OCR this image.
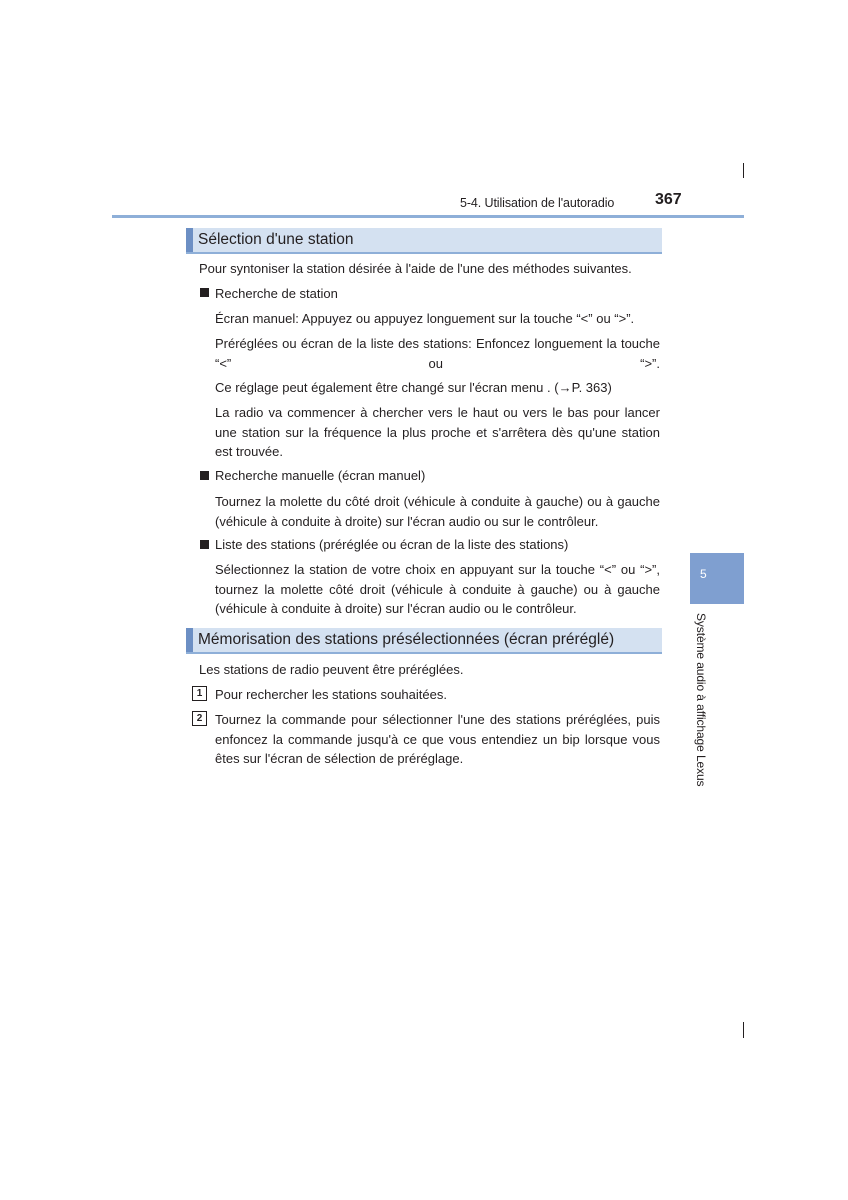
5-4. Utilisation de l'autoradio	367
Sélection d'une station
Pour syntoniser la station désirée à l'aide de l'une des méthodes suivantes.
Recherche de station
Écran manuel: Appuyez ou appuyez longuement sur la touche “<” ou “>”.
Préréglées ou écran de la liste des stations: Enfoncez longuement la touche “<” ou “>”.
Ce réglage peut également être changé sur l'écran menu . (→P. 363)
La radio va commencer à chercher vers le haut ou vers le bas pour lancer une station sur la fréquence la plus proche et s'arrêtera dès qu'une station est trouvée.
Recherche manuelle (écran manuel)
Tournez la molette du côté droit (véhicule à conduite à gauche) ou à gauche (véhicule à conduite à droite) sur l'écran audio ou sur le contrôleur.
Liste des stations (préréglée ou écran de la liste des stations)
Sélectionnez la station de votre choix en appuyant sur la touche “<” ou “>”, tournez la molette côté droit (véhicule à conduite à gauche) ou à gauche (véhicule à conduite à droite) sur l'écran audio ou le contrôleur.
Mémorisation des stations présélectionnées (écran préréglé)
Les stations de radio peuvent être préréglées.
1 Pour rechercher les stations souhaitées.
2 Tournez la commande pour sélectionner l'une des stations préréglées, puis enfoncez la commande jusqu'à ce que vous entendiez un bip lorsque vous êtes sur l'écran de sélection de préréglage.
5
Système audio à affichage Lexus
